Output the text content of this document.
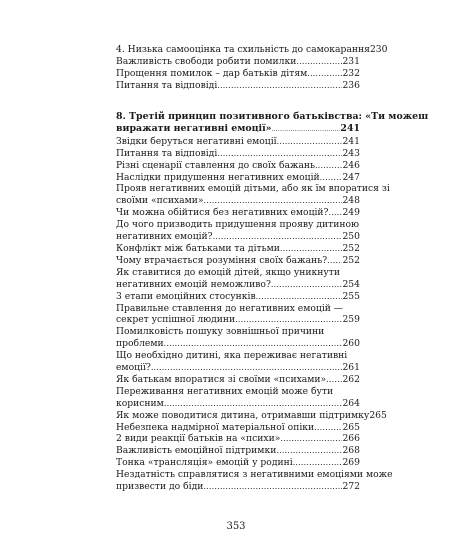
4. Низька самооцінка та схильність до самокарання 230
Важливість свободи робити помилки .....	231
Прощення помилок – дар батьків дітям .....	232
Питання та відповіді .....	236
8. Третій принцип позитивного батьківства: «Ти можеш
виражати негативні емоції» .....	241
Звідки беруться негативні емоції .....	241
Питання та відповіді .....	243
Різні сценарії ставлення до своїх бажань .....	246
Наслідки придушення негативних емоцій ..... 247
Прояв негативних емоцій дітьми, або як їм впоратися зі
своїми «психами» .....	248
Чи можна обійтися без негативних емоцій? ..... 249
До чого призводить придушення прояву дитиною
негативних емоцій? .....	250
Конфлікт між батьками та дітьми .....	252
Чому втрачається розуміння своїх бажань? ..... 252
Як ставитися до емоцій дітей, якщо уникнути
негативних емоцій неможливо? .....	254
3 етапи емоційних стосунків .....	255
Правильне ставлення до негативних емоцій —
секрет успішної людини .....	259
Помилковість пошуку зовнішньої причини
проблеми .....	260
Що необхідно дитині, яка переживає негативні
емоції? .....	261
Як батькам впоратися зі своїми «психами» ..... 262
Переживання негативних емоцій може бути
корисним .....	264
Як може поводитися дитина, отримавши підтримку 265
Небезпека надмірної матеріальної опіки .....	265
2 види реакції батьків на «психи» .....	266
Важливість емоційної підтримки .....	268
Тонка «трансляція» емоцій у родині .....	269
Нездатність справлятися з негативними емоціями може
призвести до біди .....	272
353
